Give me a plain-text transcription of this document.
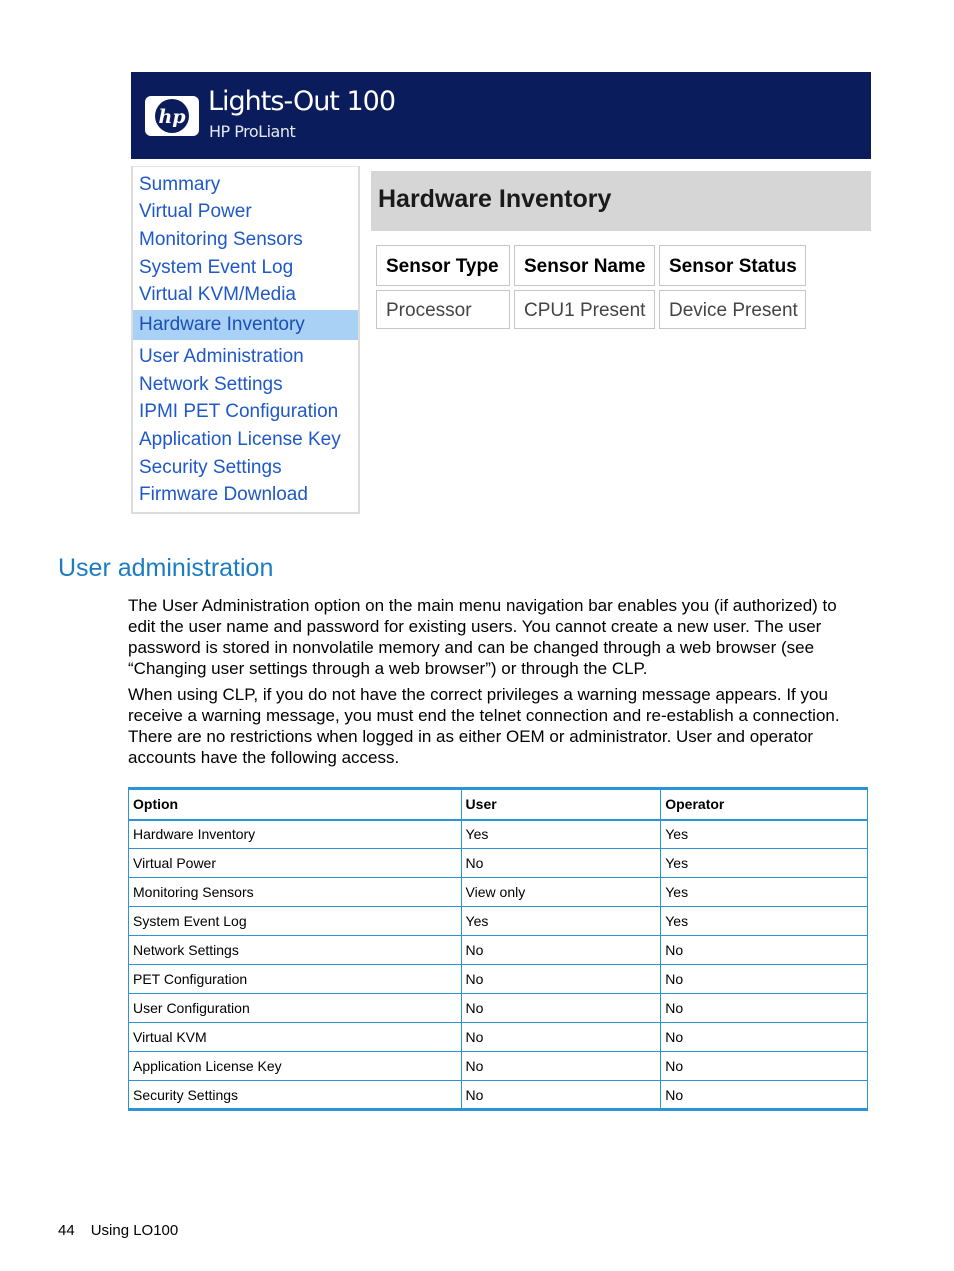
hp Lights-Out 100
HP ProLiant
Summary
Virtual Power
Monitoring Sensors
System Event Log
Virtual KVM/Media
Hardware Inventory
User Administration
Network Settings
IPMI PET Configuration
Application License Key
Security Settings
Firmware Download
Hardware Inventory
Sensor Type	Sensor Name	Sensor Status
Processor	CPU1 Present	Device Present
User administration
The User Administration option on the main menu navigation bar enables you (if authorized) to
edit the user name and password for existing users. You cannot create a new user. The user
password is stored in nonvolatile memory and can be changed through a web browser (see
“Changing user settings through a web browser”) or through the CLP.
When using CLP, if you do not have the correct privileges a warning message appears. If you
receive a warning message, you must end the telnet connection and re-establish a connection.
There are no restrictions when logged in as either OEM or administrator. User and operator
accounts have the following access.
Option	User	Operator
Hardware Inventory	Yes	Yes
Virtual Power	No	Yes
Monitoring Sensors	View only	Yes
System Event Log	Yes	Yes
Network Settings	No	No
PET Configuration	No	No
User Configuration	No	No
Virtual KVM	No	No
Application License Key	No	No
Security Settings	No	No
44 Using LO100
